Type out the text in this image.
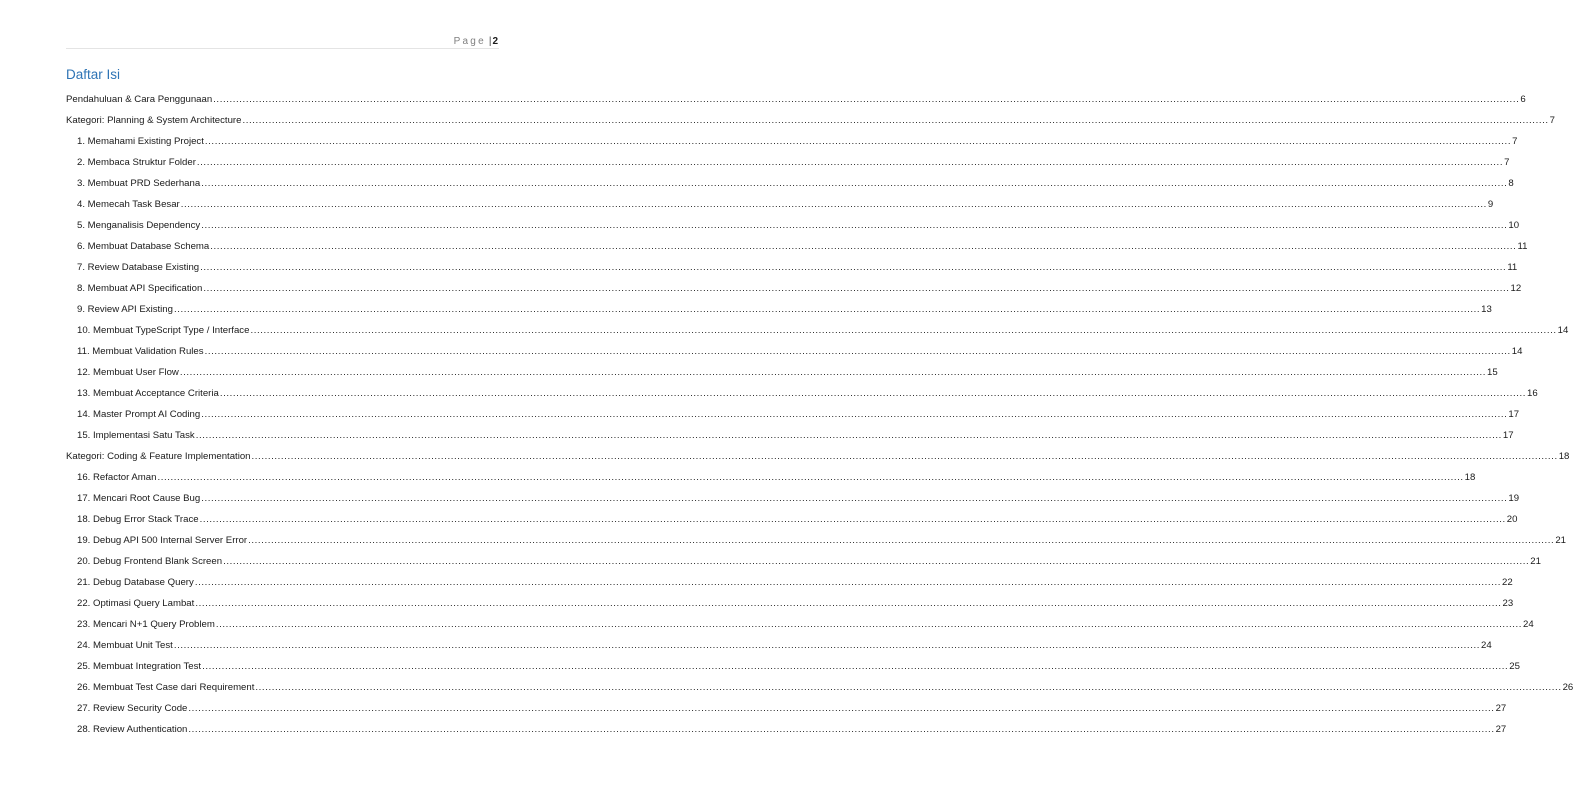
Page |2
Daftar Isi
Pendahuluan & Cara Penggunaan ................................................................................................................................................................................................................................................................................................................................................................................................................ 6
Kategori: Planning & System Architecture ................................................................................................................................................................................................................................................................................................................................................................................................................ 7
1. Memahami Existing Project ................................................................................................................................................................................................................................................................................................................................................................................................................ 7
2. Membaca Struktur Folder ................................................................................................................................................................................................................................................................................................................................................................................................................ 7
3. Membuat PRD Sederhana ................................................................................................................................................................................................................................................................................................................................................................................................................ 8
4. Memecah Task Besar ................................................................................................................................................................................................................................................................................................................................................................................................................ 9
5. Menganalisis Dependency ................................................................................................................................................................................................................................................................................................................................................................................................................ 10
6. Membuat Database Schema ................................................................................................................................................................................................................................................................................................................................................................................................................ 11
7. Review Database Existing ................................................................................................................................................................................................................................................................................................................................................................................................................ 11
8. Membuat API Specification ................................................................................................................................................................................................................................................................................................................................................................................................................ 12
9. Review API Existing ................................................................................................................................................................................................................................................................................................................................................................................................................ 13
10. Membuat TypeScript Type / Interface ................................................................................................................................................................................................................................................................................................................................................................................................................ 14
11. Membuat Validation Rules ................................................................................................................................................................................................................................................................................................................................................................................................................ 14
12. Membuat User Flow ................................................................................................................................................................................................................................................................................................................................................................................................................ 15
13. Membuat Acceptance Criteria ................................................................................................................................................................................................................................................................................................................................................................................................................ 16
14. Master Prompt AI Coding ................................................................................................................................................................................................................................................................................................................................................................................................................ 17
15. Implementasi Satu Task ................................................................................................................................................................................................................................................................................................................................................................................................................ 17
Kategori: Coding & Feature Implementation ................................................................................................................................................................................................................................................................................................................................................................................................................ 18
16. Refactor Aman ................................................................................................................................................................................................................................................................................................................................................................................................................ 18
17. Mencari Root Cause Bug ................................................................................................................................................................................................................................................................................................................................................................................................................ 19
18. Debug Error Stack Trace ................................................................................................................................................................................................................................................................................................................................................................................................................ 20
19. Debug API 500 Internal Server Error ................................................................................................................................................................................................................................................................................................................................................................................................................ 21
20. Debug Frontend Blank Screen ................................................................................................................................................................................................................................................................................................................................................................................................................ 21
21. Debug Database Query ................................................................................................................................................................................................................................................................................................................................................................................................................ 22
22. Optimasi Query Lambat ................................................................................................................................................................................................................................................................................................................................................................................................................ 23
23. Mencari N+1 Query Problem ................................................................................................................................................................................................................................................................................................................................................................................................................ 24
24. Membuat Unit Test ................................................................................................................................................................................................................................................................................................................................................................................................................ 24
25. Membuat Integration Test ................................................................................................................................................................................................................................................................................................................................................................................................................ 25
26. Membuat Test Case dari Requirement ................................................................................................................................................................................................................................................................................................................................................................................................................ 26
27. Review Security Code ................................................................................................................................................................................................................................................................................................................................................................................................................ 27
28. Review Authentication ................................................................................................................................................................................................................................................................................................................................................................................................................ 27
